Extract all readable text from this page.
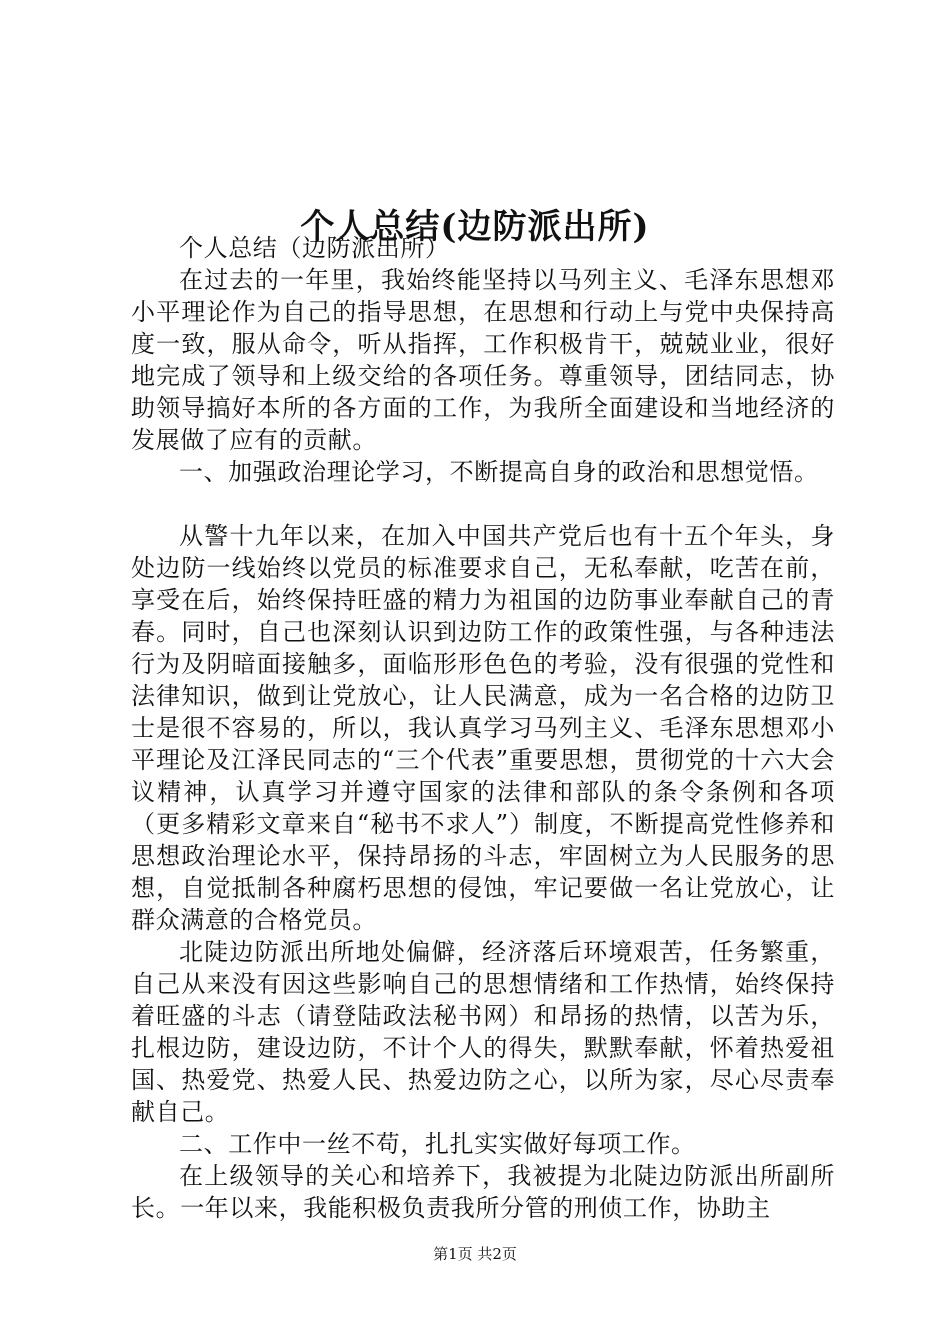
个人总结(边防派出所)

个人总结（边防派出所）

在过去的一年里，我始终能坚持以马列主义、毛泽东思想邓小平理论作为自己的指导思想，在思想和行动上与党中央保持高度一致，服从命令，听从指挥，工作积极肯干，兢兢业业，很好地完成了领导和上级交给的各项任务。尊重领导，团结同志，协助领导搞好本所的各方面的工作，为我所全面建设和当地经济的发展做了应有的贡献。

一、加强政治理论学习，不断提高自身的政治和思想觉悟。

从警十九年以来，在加入中国共产党后也有十五个年头，身处边防一线始终以党员的标准要求自己，无私奉献，吃苦在前，享受在后，始终保持旺盛的精力为祖国的边防事业奉献自己的青春。同时，自己也深刻认识到边防工作的政策性强，与各种违法行为及阴暗面接触多，面临形形色色的考验，没有很强的党性和法律知识，做到让党放心，让人民满意，成为一名合格的边防卫士是很不容易的，所以，我认真学习马列主义、毛泽东思想邓小平理论及江泽民同志的“三个代表”重要思想，贯彻党的十六大会议精神，认真学习并遵守国家的法律和部队的条令条例和各项（更多精彩文章来自“秘书不求人”）制度，不断提高党性修养和思想政治理论水平，保持昂扬的斗志，牢固树立为人民服务的思想，自觉抵制各种腐朽思想的侵蚀，牢记要做一名让党放心，让群众满意的合格党员。

北陡边防派出所地处偏僻，经济落后环境艰苦，任务繁重，自己从来没有因这些影响自己的思想情绪和工作热情，始终保持着旺盛的斗志（请登陆政法秘书网）和昂扬的热情，以苦为乐，扎根边防，建设边防，不计个人的得失，默默奉献，怀着热爱祖国、热爱党、热爱人民、热爱边防之心，以所为家，尽心尽责奉献自己。

二、工作中一丝不苟，扎扎实实做好每项工作。

在上级领导的关心和培养下，我被提为北陡边防派出所副所长。一年以来，我能积极负责我所分管的刑侦工作，协助主

第1页 共2页
